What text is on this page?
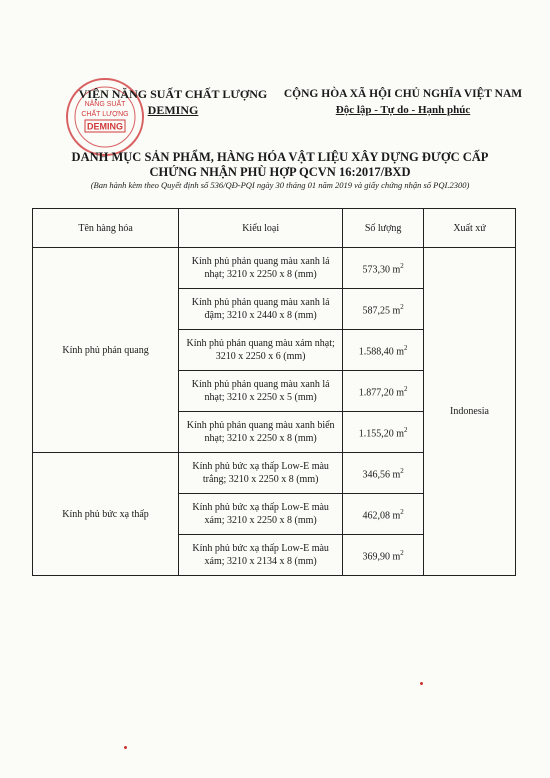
NĂNG SUẤT
CHẤT LƯỢNG
DEMING
VIỆN NĂNG SUẤT CHẤT LƯỢNG
DEMING
CỘNG HÒA XÃ HỘI CHỦ NGHĨA VIỆT NAM
Độc lập - Tự do - Hạnh phúc
DANH MỤC SẢN PHẨM, HÀNG HÓA VẬT LIỆU XÂY DỰNG ĐƯỢC CẤP
CHỨNG NHẬN PHÙ HỢP QCVN 16:2017/BXD
(Ban hành kèm theo Quyết định số 536/QĐ-PQI ngày 30 tháng 01 năm 2019 và giấy chứng nhận số PQI.2300)
Tên hàng hóa	Kiểu loại	Số lượng	Xuất xứ
Kính phủ phản quang	Kính phủ phản quang màu xanh lá nhạt; 3210 x 2250 x 8 (mm)	573,30 $m^2$	Indonesia
	Kính phủ phản quang màu xanh lá đậm; 3210 x 2440 x 8 (mm)	587,25 $m^2$
	Kính phủ phản quang màu xám nhạt; 3210 x 2250 x 6 (mm)	1.588,40 $m^2$
	Kính phủ phản quang màu xanh lá nhạt; 3210 x 2250 x 5 (mm)	1.877,20 $m^2$
	Kính phủ phản quang màu xanh biển nhạt; 3210 x 2250 x 8 (mm)	1.155,20 $m^2$
Kính phủ bức xạ thấp	Kính phủ bức xạ thấp Low-E màu trắng; 3210 x 2250 x 8 (mm)	346,56 $m^2$
	Kính phủ bức xạ thấp Low-E màu xám; 3210 x 2250 x 8 (mm)	462,08 $m^2$
	Kính phủ bức xạ thấp Low-E màu xám; 3210 x 2134 x 8 (mm)	369,90 $m^2$
